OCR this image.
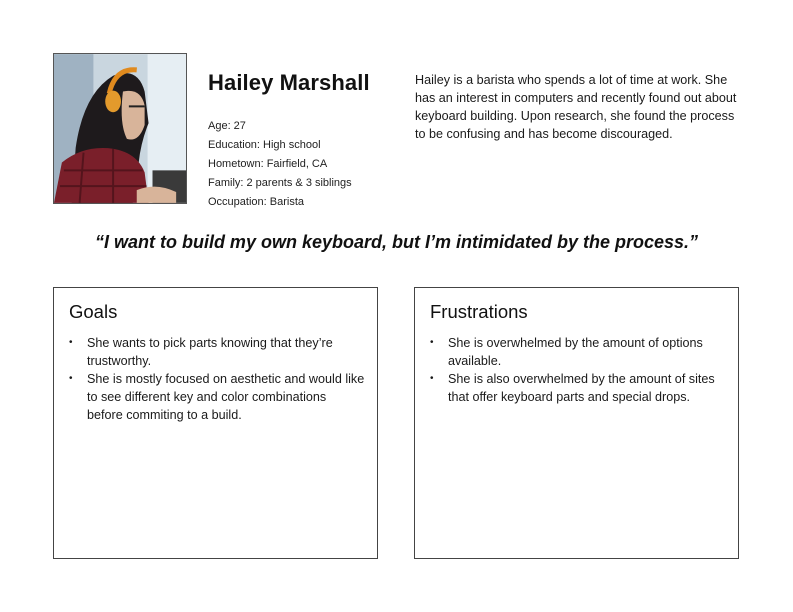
Hailey Marshall
Age: 27
Education: High school
Hometown: Fairfield, CA
Family: 2 parents & 3 siblings
Occupation: Barista

Hailey is a barista who spends a lot of time at work. She has an interest in computers and recently found out about keyboard building. Upon research, she found the process to be confusing and has become discouraged.

“I want to build my own keyboard, but I’m intimidated by the process.”

Goals
• She wants to pick parts knowing that they’re trustworthy.
• She is mostly focused on aesthetic and would like to see different key and color combinations before commiting to a build.
Frustrations
• She is overwhelmed by the amount of options available.
• She is also overwhelmed by the amount of sites that offer keyboard parts and special drops.
